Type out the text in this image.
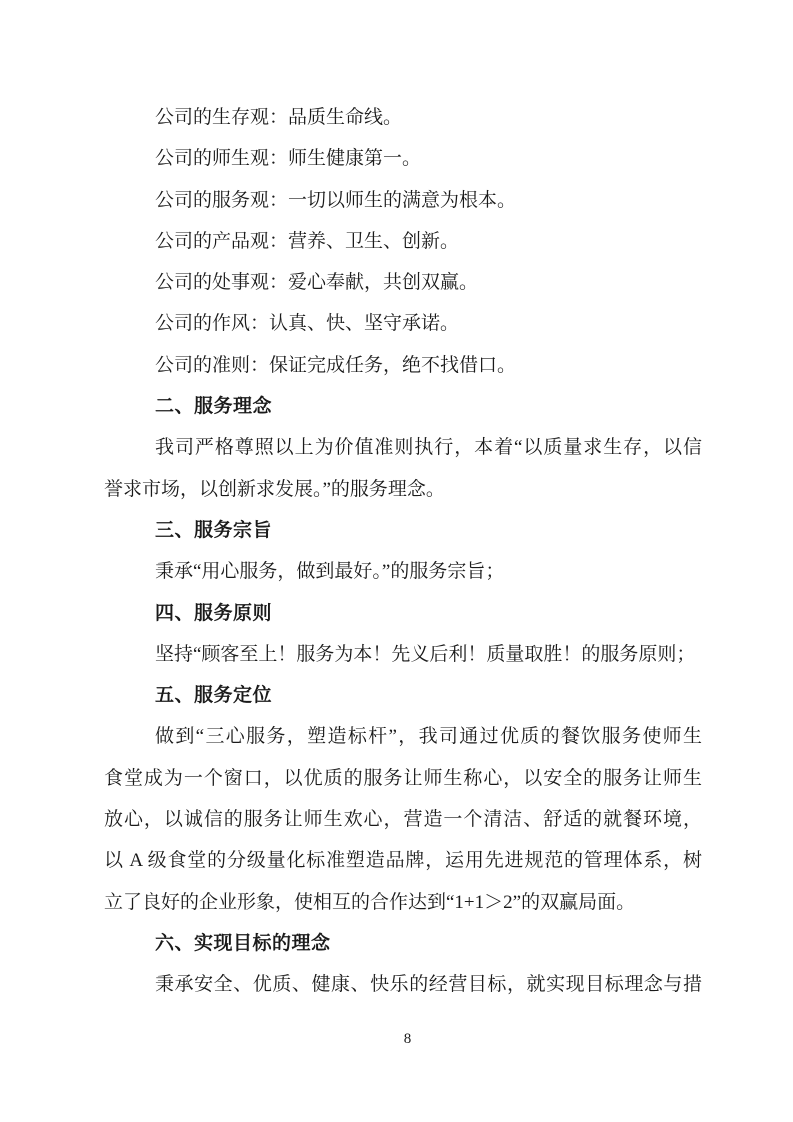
公司的生存观：品质生命线。
公司的师生观：师生健康第一。
公司的服务观：一切以师生的满意为根本。
公司的产品观：营养、卫生、创新。
公司的处事观：爱心奉献，共创双赢。
公司的作风：认真、快、坚守承诺。
公司的准则：保证完成任务，绝不找借口。
二、服务理念
我司严格尊照以上为价值准则执行，本着“以质量求生存，以信
誉求市场，以创新求发展。”的服务理念。
三、服务宗旨
秉承“用心服务，做到最好。”的服务宗旨；
四、服务原则
坚持“顾客至上！服务为本！先义后利！质量取胜！的服务原则；
五、服务定位
做到“三心服务，塑造标杆”，我司通过优质的餐饮服务使师生
食堂成为一个窗口，以优质的服务让师生称心，以安全的服务让师生
放心，以诚信的服务让师生欢心，营造一个清洁、舒适的就餐环境，
以 A 级食堂的分级量化标准塑造品牌，运用先进规范的管理体系，树
立了良好的企业形象，使相互的合作达到“1+1＞2”的双赢局面。
六、实现目标的理念
秉承安全、优质、健康、快乐的经营目标，就实现目标理念与措
8
